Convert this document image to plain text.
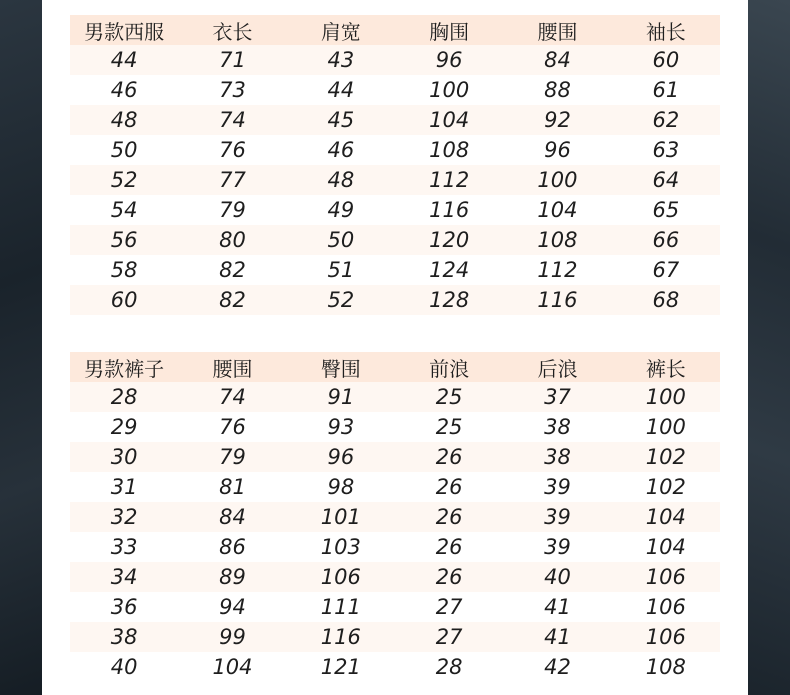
男款西服	衣长	肩宽	胸围	腰围	袖长
44	71	43	96	84	60
46	73	44	100	88	61
48	74	45	104	92	62
50	76	46	108	96	63
52	77	48	112	100	64
54	79	49	116	104	65
56	80	50	120	108	66
58	82	51	124	112	67
60	82	52	128	116	68
男款裤子	腰围	臀围	前浪	后浪	裤长
28	74	91	25	37	100
29	76	93	25	38	100
30	79	96	26	38	102
31	81	98	26	39	102
32	84	101	26	39	104
33	86	103	26	39	104
34	89	106	26	40	106
36	94	111	27	41	106
38	99	116	27	41	106
40	104	121	28	42	108
